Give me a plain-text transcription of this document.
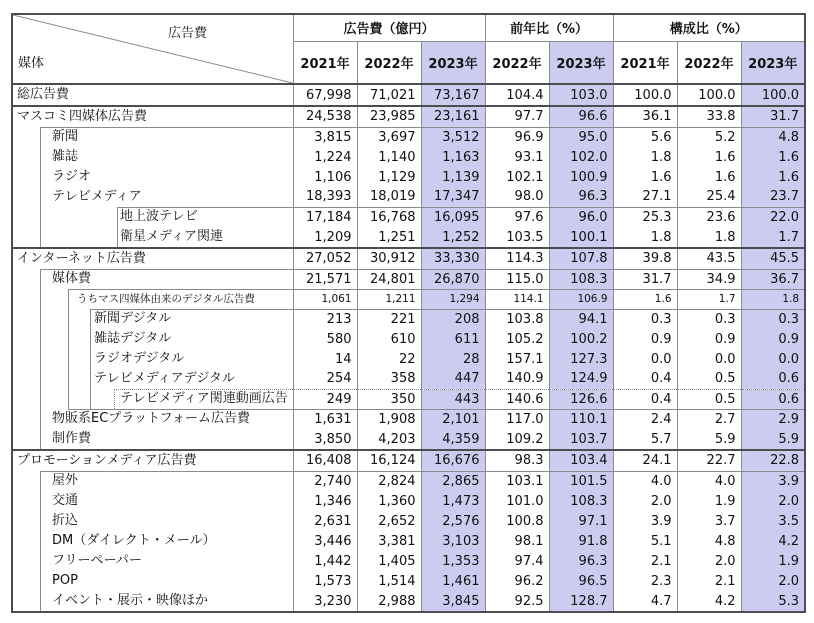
広告費
媒体	広告費（億円）			前年比（%）		構成比（%）		
	2021年	2022年	2023年	2022年	2023年	2021年	2022年	2023年
総広告費	67,998	71,021	73,167	104.4	103.0	100.0	100.0	100.0
マスコミ四媒体広告費	24,538	23,985	23,161	97.7	96.6	36.1	33.8	31.7

新聞	3,815	3,697	3,512	96.9	95.0	5.6	5.2	4.8

雑誌	1,224	1,140	1,163	93.1	102.0	1.8	1.6	1.6

ラジオ	1,106	1,129	1,139	102.1	100.9	1.6	1.6	1.6

テレビメディア	18,393	18,019	17,347	98.0	96.3	27.1	25.4	23.7

地上波テレビ	17,184	16,768	16,095	97.6	96.0	25.3	23.6	22.0

衛星メディア関連	1,209	1,251	1,252	103.5	100.1	1.8	1.8	1.7
インターネット広告費	27,052	30,912	33,330	114.3	107.8	39.8	43.5	45.5

媒体費	21,571	24,801	26,870	115.0	108.3	31.7	34.9	36.7

うちマス四媒体由来のデジタル広告費	1,061	1,211	1,294	114.1	106.9	1.6	1.7	1.8

新聞デジタル	213	221	208	103.8	94.1	0.3	0.3	0.3

雑誌デジタル	580	610	611	105.2	100.2	0.9	0.9	0.9

ラジオデジタル	14	22	28	157.1	127.3	0.0	0.0	0.0

テレビメディアデジタル	254	358	447	140.9	124.9	0.4	0.5	0.6

テレビメディア関連動画広告	249	350	443	140.6	126.6	0.4	0.5	0.6

物販系ECプラットフォーム広告費	1,631	1,908	2,101	117.0	110.1	2.4	2.7	2.9

制作費	3,850	4,203	4,359	109.2	103.7	5.7	5.9	5.9
プロモーションメディア広告費	16,408	16,124	16,676	98.3	103.4	24.1	22.7	22.8

屋外	2,740	2,824	2,865	103.1	101.5	4.0	4.0	3.9

交通	1,346	1,360	1,473	101.0	108.3	2.0	1.9	2.0

折込	2,631	2,652	2,576	100.8	97.1	3.9	3.7	3.5

DM（ダイレクト・メール）	3,446	3,381	3,103	98.1	91.8	5.1	4.8	4.2

フリーペーパー	1,442	1,405	1,353	97.4	96.3	2.1	2.0	1.9

POP	1,573	1,514	1,461	96.2	96.5	2.3	2.1	2.0

イベント・展示・映像ほか	3,230	2,988	3,845	92.5	128.7	4.7	4.2	5.3
